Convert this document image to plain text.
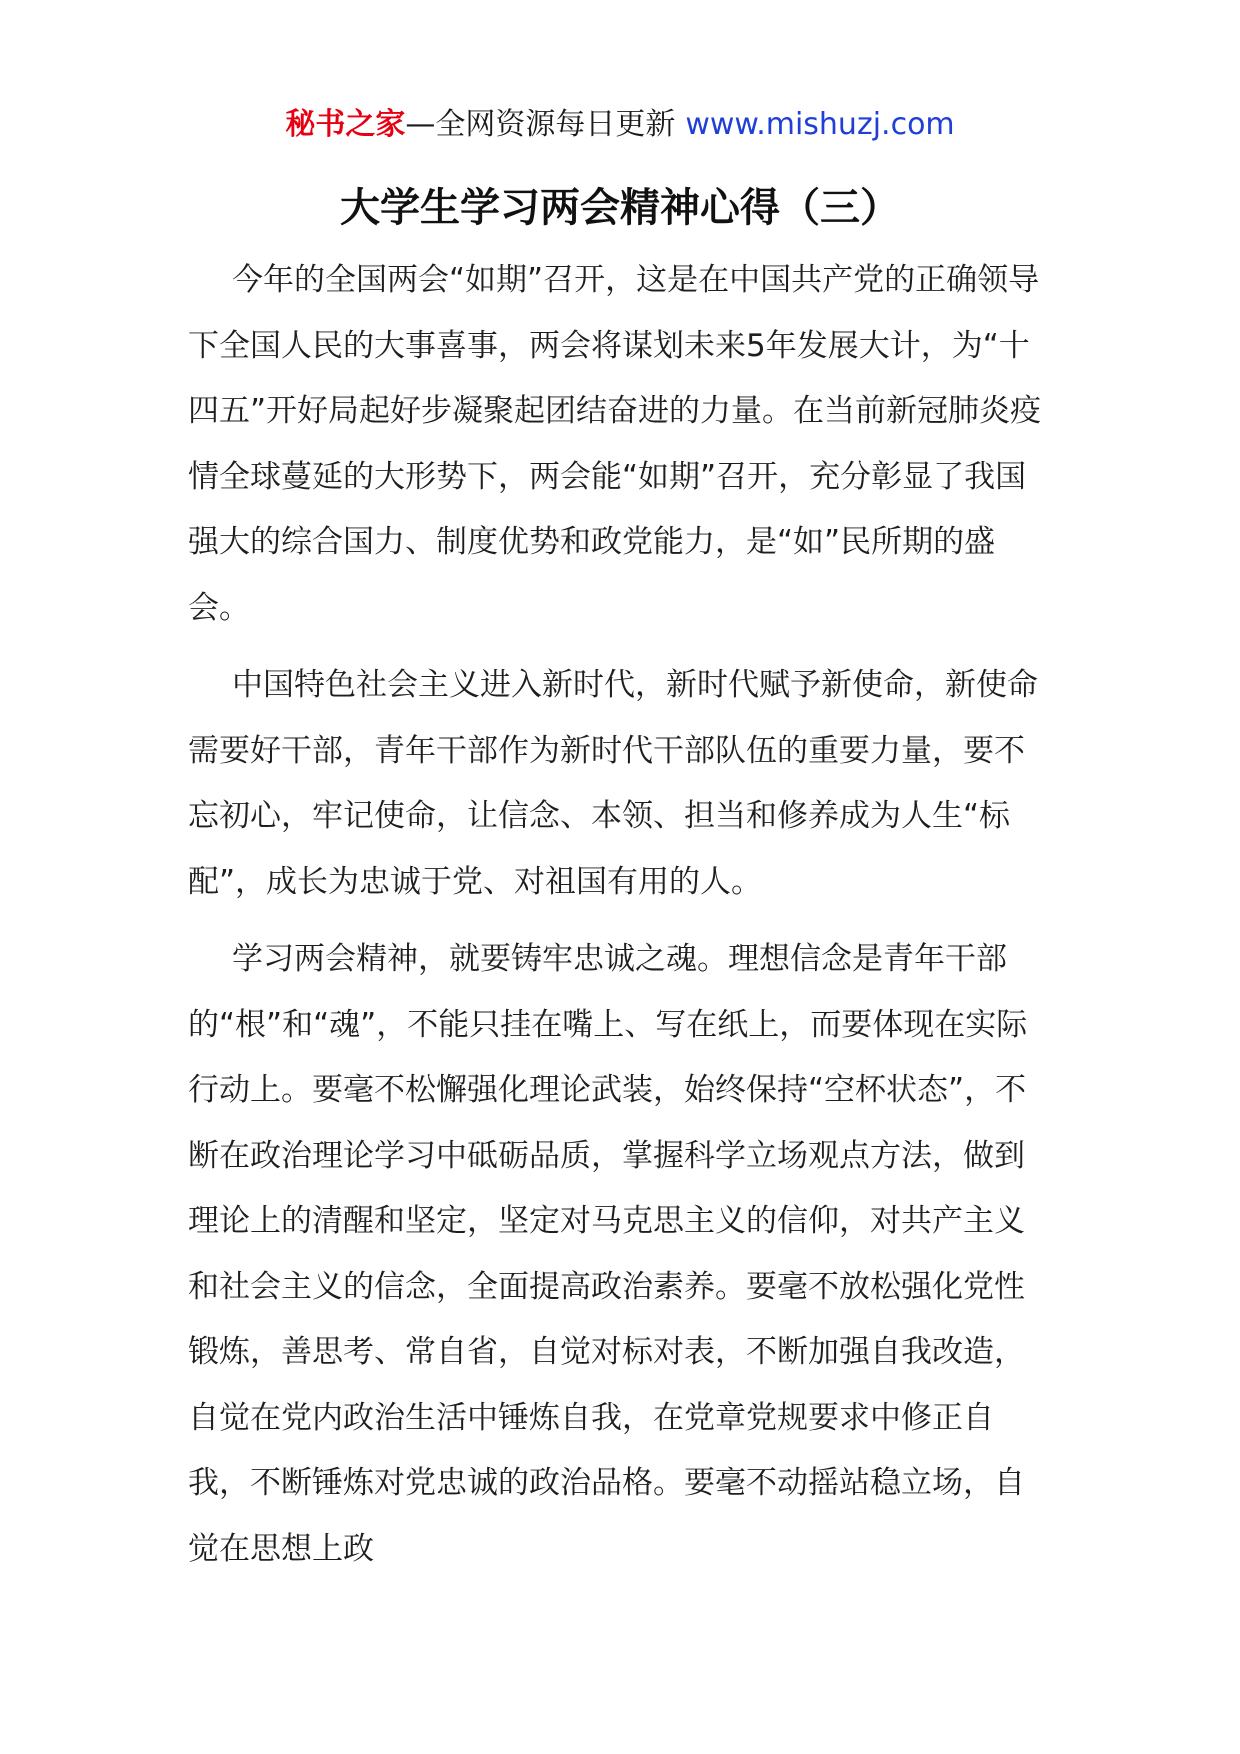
秘书之家—全网资源每日更新 www.mishuzj.com
大学生学习两会精神心得（三）

今年的全国两会“如期”召开，这是在中国共产党的正确领导下全国人民的大事喜事，两会将谋划未来5年发展大计，为“十四五”开好局起好步凝聚起团结奋进的力量。在当前新冠肺炎疫情全球蔓延的大形势下，两会能“如期”召开，充分彰显了我国强大的综合国力、制度优势和政党能力，是“如”民所期的盛会。

中国特色社会主义进入新时代，新时代赋予新使命，新使命需要好干部，青年干部作为新时代干部队伍的重要力量，要不忘初心，牢记使命，让信念、本领、担当和修养成为人生“标配”，成长为忠诚于党、对祖国有用的人。

学习两会精神，就要铸牢忠诚之魂。理想信念是青年干部的“根”和“魂”，不能只挂在嘴上、写在纸上，而要体现在实际行动上。要毫不松懈强化理论武装，始终保持“空杯状态”，不断在政治理论学习中砥砺品质，掌握科学立场观点方法，做到理论上的清醒和坚定，坚定对马克思主义的信仰，对共产主义和社会主义的信念，全面提高政治素养。要毫不放松强化党性锻炼，善思考、常自省，自觉对标对表，不断加强自我改造，自觉在党内政治生活中锤炼自我，在党章党规要求中修正自我，不断锤炼对党忠诚的政治品格。要毫不动摇站稳立场，自觉在思想上政
